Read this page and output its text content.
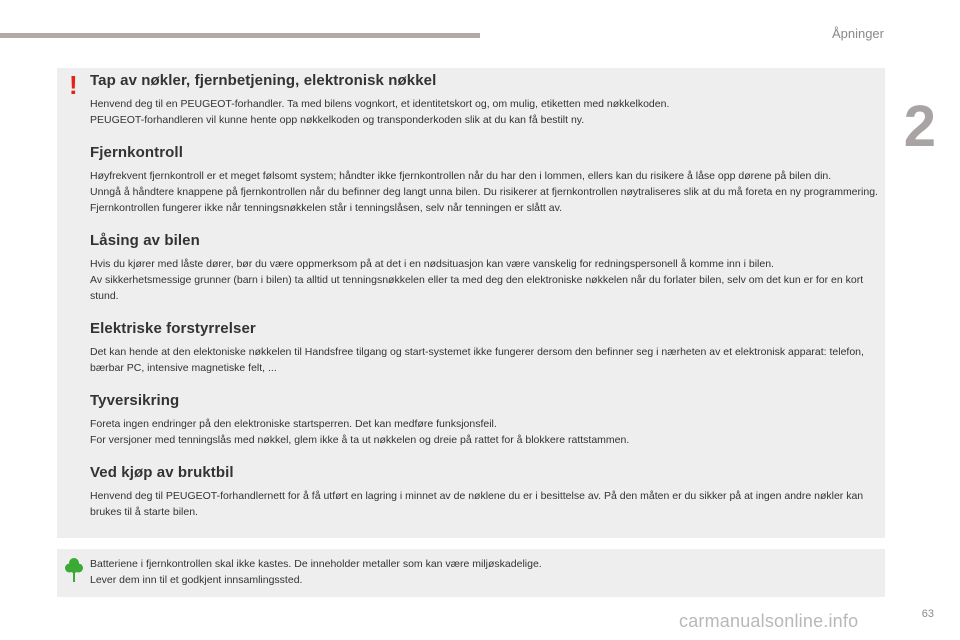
Åpninger
2
! Tap av nøkler, fjernbetjening, elektronisk nøkkel

Henvend deg til en PEUGEOT-forhandler. Ta med bilens vognkort, et identitetskort og, om mulig, etiketten med nøkkelkoden.

PEUGEOT-forhandleren vil kunne hente opp nøkkelkoden og transponderkoden slik at du kan få bestilt ny.

Fjernkontroll

Høyfrekvent fjernkontroll er et meget følsomt system; håndter ikke fjernkontrollen når du har den i lommen, ellers kan du risikere å låse opp dørene på bilen din.

Unngå å håndtere knappene på fjernkontrollen når du befinner deg langt unna bilen. Du risikerer at fjernkontrollen nøytraliseres slik at du må foreta en ny programmering.

Fjernkontrollen fungerer ikke når tenningsnøkkelen står i tenningslåsen, selv når tenningen er slått av.

Låsing av bilen

Hvis du kjører med låste dører, bør du være oppmerksom på at det i en nødsituasjon kan være vanskelig for redningspersonell å komme inn i bilen.

Av sikkerhetsmessige grunner (barn i bilen) ta alltid ut tenningsnøkkelen eller ta med deg den elektroniske nøkkelen når du forlater bilen, selv om det kun er for en kort stund.

Elektriske forstyrrelser

Det kan hende at den elektoniske nøkkelen til Handsfree tilgang og start-systemet ikke fungerer dersom den befinner seg i nærheten av et elektronisk apparat: telefon, bærbar PC, intensive magnetiske felt, ...

Tyversikring

Foreta ingen endringer på den elektroniske startsperren. Det kan medføre funksjonsfeil.

For versjoner med tenningslås med nøkkel, glem ikke å ta ut nøkkelen og dreie på rattet for å blokkere rattstammen.

Ved kjøp av bruktbil

Henvend deg til PEUGEOT-forhandlernett for å få utført en lagring i minnet av de nøklene du er i besittelse av. På den måten er du sikker på at ingen andre nøkler kan brukes til å starte bilen.

Batteriene i fjernkontrollen skal ikke kastes. De inneholder metaller som kan være miljøskadelige.

Lever dem inn til et godkjent innsamlingssted.

63
carmanualsonline.info
